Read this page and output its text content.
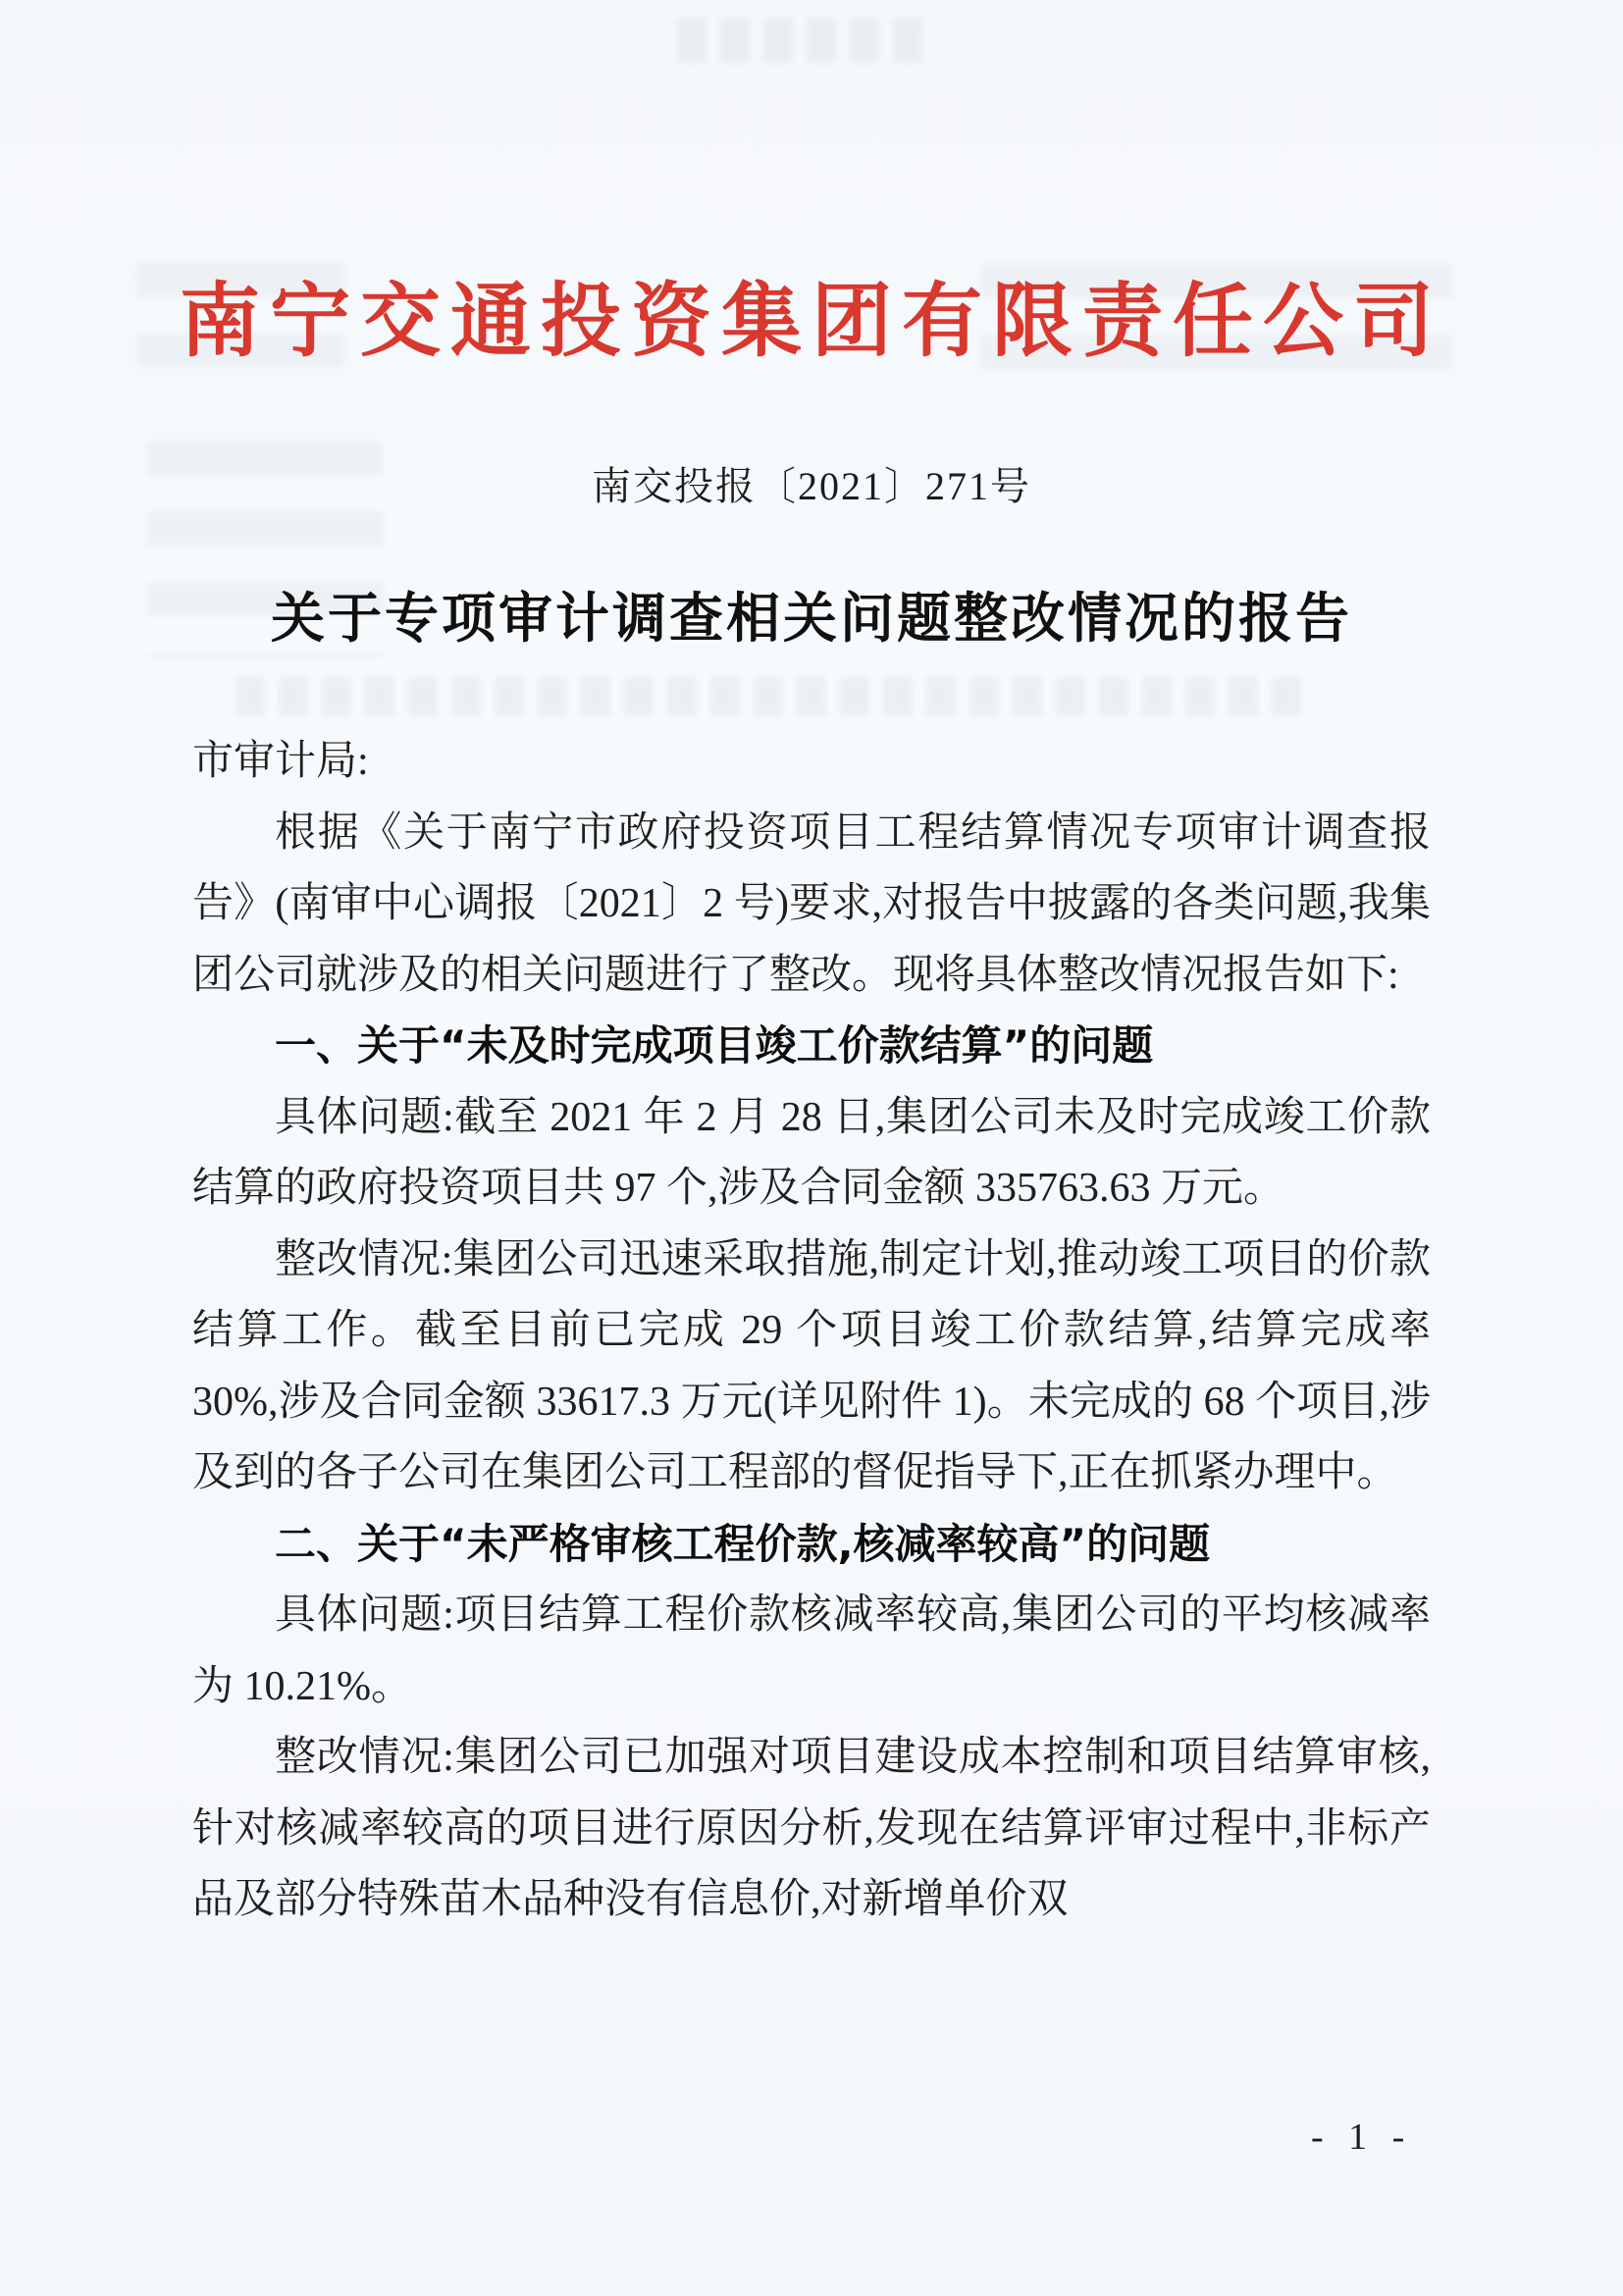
南宁交通投资集团有限责任公司
南交投报〔2021〕271号
关于专项审计调查相关问题整改情况的报告

市审计局:

根据《关于南宁市政府投资项目工程结算情况专项审计调查报告》(南审中心调报〔2021〕2 号)要求,对报告中披露的各类问题,我集团公司就涉及的相关问题进行了整改。现将具体整改情况报告如下:

一、关于“未及时完成项目竣工价款结算”的问题

具体问题:截至 2021 年 2 月 28 日,集团公司未及时完成竣工价款结算的政府投资项目共 97 个,涉及合同金额 335763.63 万元。

整改情况:集团公司迅速采取措施,制定计划,推动竣工项目的价款结算工作。截至目前已完成 29 个项目竣工价款结算,结算完成率 30%,涉及合同金额 33617.3 万元(详见附件 1)。未完成的 68 个项目,涉及到的各子公司在集团公司工程部的督促指导下,正在抓紧办理中。

二、关于“未严格审核工程价款,核减率较高”的问题

具体问题:项目结算工程价款核减率较高,集团公司的平均核减率为 10.21%。

整改情况:集团公司已加强对项目建设成本控制和项目结算审核,针对核减率较高的项目进行原因分析,发现在结算评审过程中,非标产品及部分特殊苗木品种没有信息价,对新增单价双

- 1 -
